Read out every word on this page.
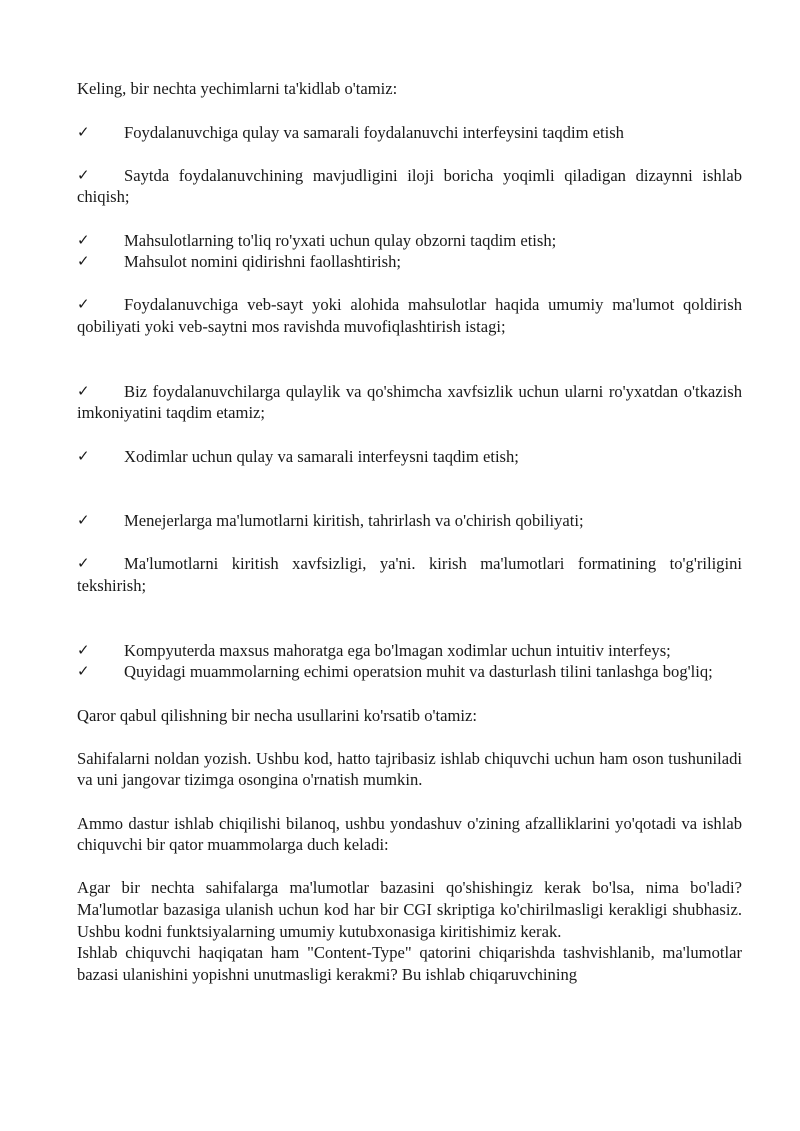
Keling, bir nechta yechimlarni ta'kidlab o'tamiz:

✓ Foydalanuvchiga qulay va samarali foydalanuvchi interfeysini taqdim etish

✓ Saytda foydalanuvchining mavjudligini iloji boricha yoqimli qiladigan dizaynni ishlab chiqish;

✓ Mahsulotlarning to'liq ro'yxati uchun qulay obzorni taqdim etish;

✓ Mahsulot nomini qidirishni faollashtirish;

✓ Foydalanuvchiga veb-sayt yoki alohida mahsulotlar haqida umumiy ma'lumot qoldirish qobiliyati yoki veb-saytni mos ravishda muvofiqlashtirish istagi;

✓ Biz foydalanuvchilarga qulaylik va qo'shimcha xavfsizlik uchun ularni ro'yxatdan o'tkazish imkoniyatini taqdim etamiz;

✓ Xodimlar uchun qulay va samarali interfeysni taqdim etish;

✓ Menejerlarga ma'lumotlarni kiritish, tahrirlash va o'chirish qobiliyati;

✓ Ma'lumotlarni kiritish xavfsizligi, ya'ni. kirish ma'lumotlari formatining to'g'riligini tekshirish;

✓ Kompyuterda maxsus mahoratga ega bo'lmagan xodimlar uchun intuitiv interfeys;

✓ Quyidagi muammolarning echimi operatsion muhit va dasturlash tilini tanlashga bog'liq;

Qaror qabul qilishning bir necha usullarini ko'rsatib o'tamiz:

Sahifalarni noldan yozish. Ushbu kod, hatto tajribasiz ishlab chiquvchi uchun ham oson tushuniladi va uni jangovar tizimga osongina o'rnatish mumkin.

Ammo dastur ishlab chiqilishi bilanoq, ushbu yondashuv o'zining afzalliklarini yo'qotadi va ishlab chiquvchi bir qator muammolarga duch keladi:

Agar bir nechta sahifalarga ma'lumotlar bazasini qo'shishingiz kerak bo'lsa, nima bo'ladi? Ma'lumotlar bazasiga ulanish uchun kod har bir CGI skriptiga ko'chirilmasligi kerakligi shubhasiz. Ushbu kodni funktsiyalarning umumiy kutubxonasiga kiritishimiz kerak.

Ishlab chiquvchi haqiqatan ham "Content-Type" qatorini chiqarishda tashvishlanib, ma'lumotlar bazasi ulanishini yopishni unutmasligi kerakmi? Bu ishlab chiqaruvchining
